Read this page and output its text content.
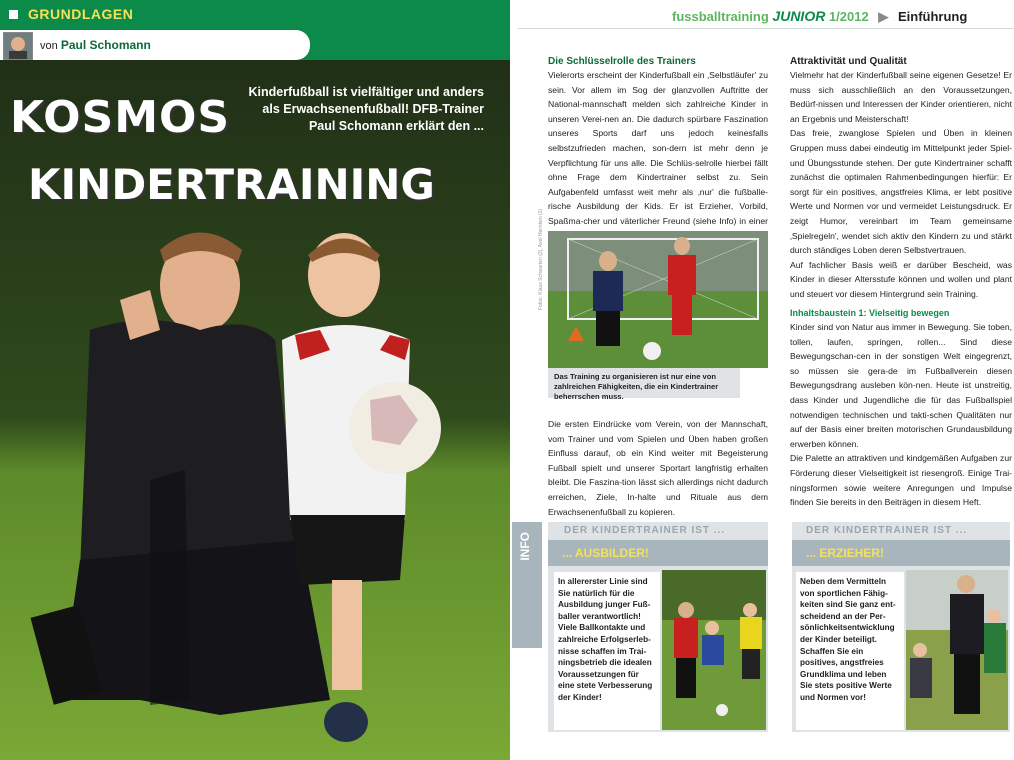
GRUNDLAGEN
von Paul Schomann
KOSMOS
KINDERTRAINING
Kinderfußball ist vielfältiger und anders als Erwachsenenfußball! DFB-Trainer Paul Schomann erklärt den ...
fussballtraining JUNIOR 1/2012 ▶ Einführung
Die Schlüsselrolle des Trainers
Vielerorts erscheint der Kinderfußball ein ‚Selbstläufer' zu sein. Vor allem im Sog der glanzvollen Auftritte der National-mannschaft melden sich zahlreiche Kinder in unseren Verei-nen an. Die dadurch spürbare Faszination unseres Sports darf uns jedoch keinesfalls selbstzufrieden machen, son-dern ist mehr denn je Verpflichtung für uns alle. Die Schlüs-selrolle hierbei fällt ohne Frage dem Kindertrainer selbst zu. Sein Aufgabenfeld umfasst weit mehr als ‚nur' die fußballe-rische Ausbildung der Kids. Er ist Erzieher, Vorbild, Spaßma-cher und väterlicher Freund (siehe Info) in einer
Fotos: Klaus Schwarten (2), Axel Heimken (2)
Das Training zu organisieren ist nur eine von zahlreichen Fähigkeiten, die ein Kindertrainer beherrschen muss.
Die ersten Eindrücke vom Verein, von der Mannschaft, vom Trainer und vom Spielen und Üben haben großen Einfluss darauf, ob ein Kind weiter mit Begeisterung Fußball spielt und unserer Sportart langfristig erhalten bleibt. Die Faszina-tion lässt sich allerdings nicht dadurch erreichen, Ziele, In-halte und Rituale aus dem Erwachsenenfußball zu kopieren.
Attraktivität und Qualität
Vielmehr hat der Kinderfußball seine eigenen Gesetze! Er muss sich ausschließlich an den Voraussetzungen, Bedürf-nissen und Interessen der Kinder orientieren, nicht an Ergebnis und Meisterschaft!
Das freie, zwanglose Spielen und Üben in kleinen Gruppen muss dabei eindeutig im Mittelpunkt jeder Spiel- und Übungsstunde stehen. Der gute Kindertrainer schafft zunächst die optimalen Rahmenbedingungen hierfür: Er sorgt für ein positives, angstfreies Klima, er lebt positive Werte und Normen vor und vermeidet Leistungsdruck. Er zeigt Humor, vereinbart im Team gemeinsame ‚Spielregeln', wendet sich aktiv den Kindern zu und stärkt durch ständiges Loben deren Selbstvertrauen.
Auf fachlicher Basis weiß er darüber Bescheid, was Kinder in dieser Altersstufe können und wollen und plant und steuert vor diesem Hintergrund sein Training.
Inhaltsbaustein 1: Vielseitig bewegen
Kinder sind von Natur aus immer in Bewegung. Sie toben, tollen, laufen, springen, rollen... Sind diese Bewegungschan-cen in der sonstigen Welt eingegrenzt, so müssen sie gera-de im Fußballverein diesen Bewegungsdrang ausleben kön-nen. Heute ist unstreitig, dass Kinder und Jugendliche die für das Fußballspiel notwendigen technischen und takti-schen Qualitäten nur auf der Basis einer breiten motorischen Grundausbildung erwerben können.
Die Palette an attraktiven und kindgemäßen Aufgaben zur Förderung dieser Vielseitigkeit ist riesengroß. Einige Trai-ningsformen sowie weitere Anregungen und Impulse finden Sie bereits in den Beiträgen in diesem Heft.
INFO
DER KINDERTRAINER IST ...
... AUSBILDER!
In allererster Linie sind Sie natürlich für die Ausbildung junger Fuß-baller verantwortlich! Viele Ballkontakte und zahlreiche Erfolgserleb-nisse schaffen im Trai-ningsbetrieb die idealen Voraussetzungen für eine stete Verbesserung der Kinder!
DER KINDERTRAINER IST ...
... ERZIEHER!
Neben dem Vermitteln von sportlichen Fähig-keiten sind Sie ganz ent-scheidend an der Per-sönlichkeitsentwicklung der Kinder beteiligt. Schaffen Sie ein positives, angstfreies Grundklima und leben Sie stets positive Werte und Normen vor!
